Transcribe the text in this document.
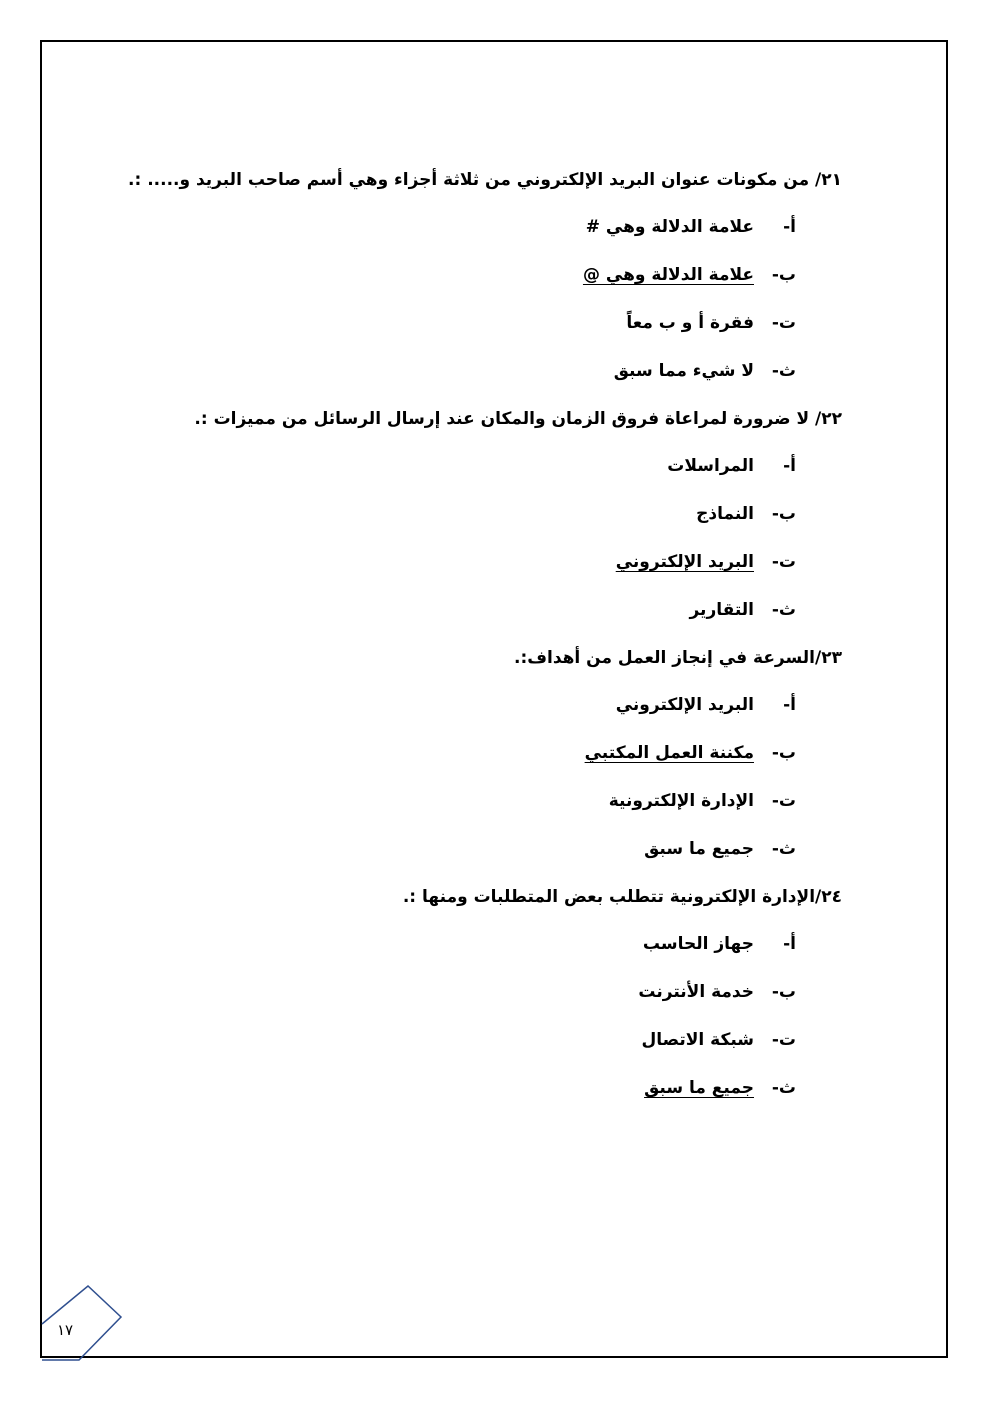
٢١/ من مكونات عنوان البريد الإلكتروني من ثلاثة أجزاء وهي أسم صاحب البريد و..... :.
أ-
علامة الدلالة وهي #
ب-
علامة الدلالة وهي @
ت-
فقرة أ و ب معاً
ث-
لا شيء مما سبق
٢٢/ لا ضرورة لمراعاة فروق الزمان والمكان عند إرسال الرسائل من مميزات :.
أ-
المراسلات
ب-
النماذج
ت-
البريد الإلكتروني
ث-
التقارير
٢٣/السرعة في إنجاز العمل من أهداف:.
أ-
البريد الإلكتروني
ب-
مكننة العمل المكتبي
ت-
الإدارة الإلكترونية
ث-
جميع ما سبق
٢٤/الإدارة الإلكترونية تتطلب بعض المتطلبات ومنها :.
أ-
جهاز الحاسب
ب-
خدمة الأنترنت
ت-
شبكة الاتصال
ث-
جميع ما سبق
١٧
